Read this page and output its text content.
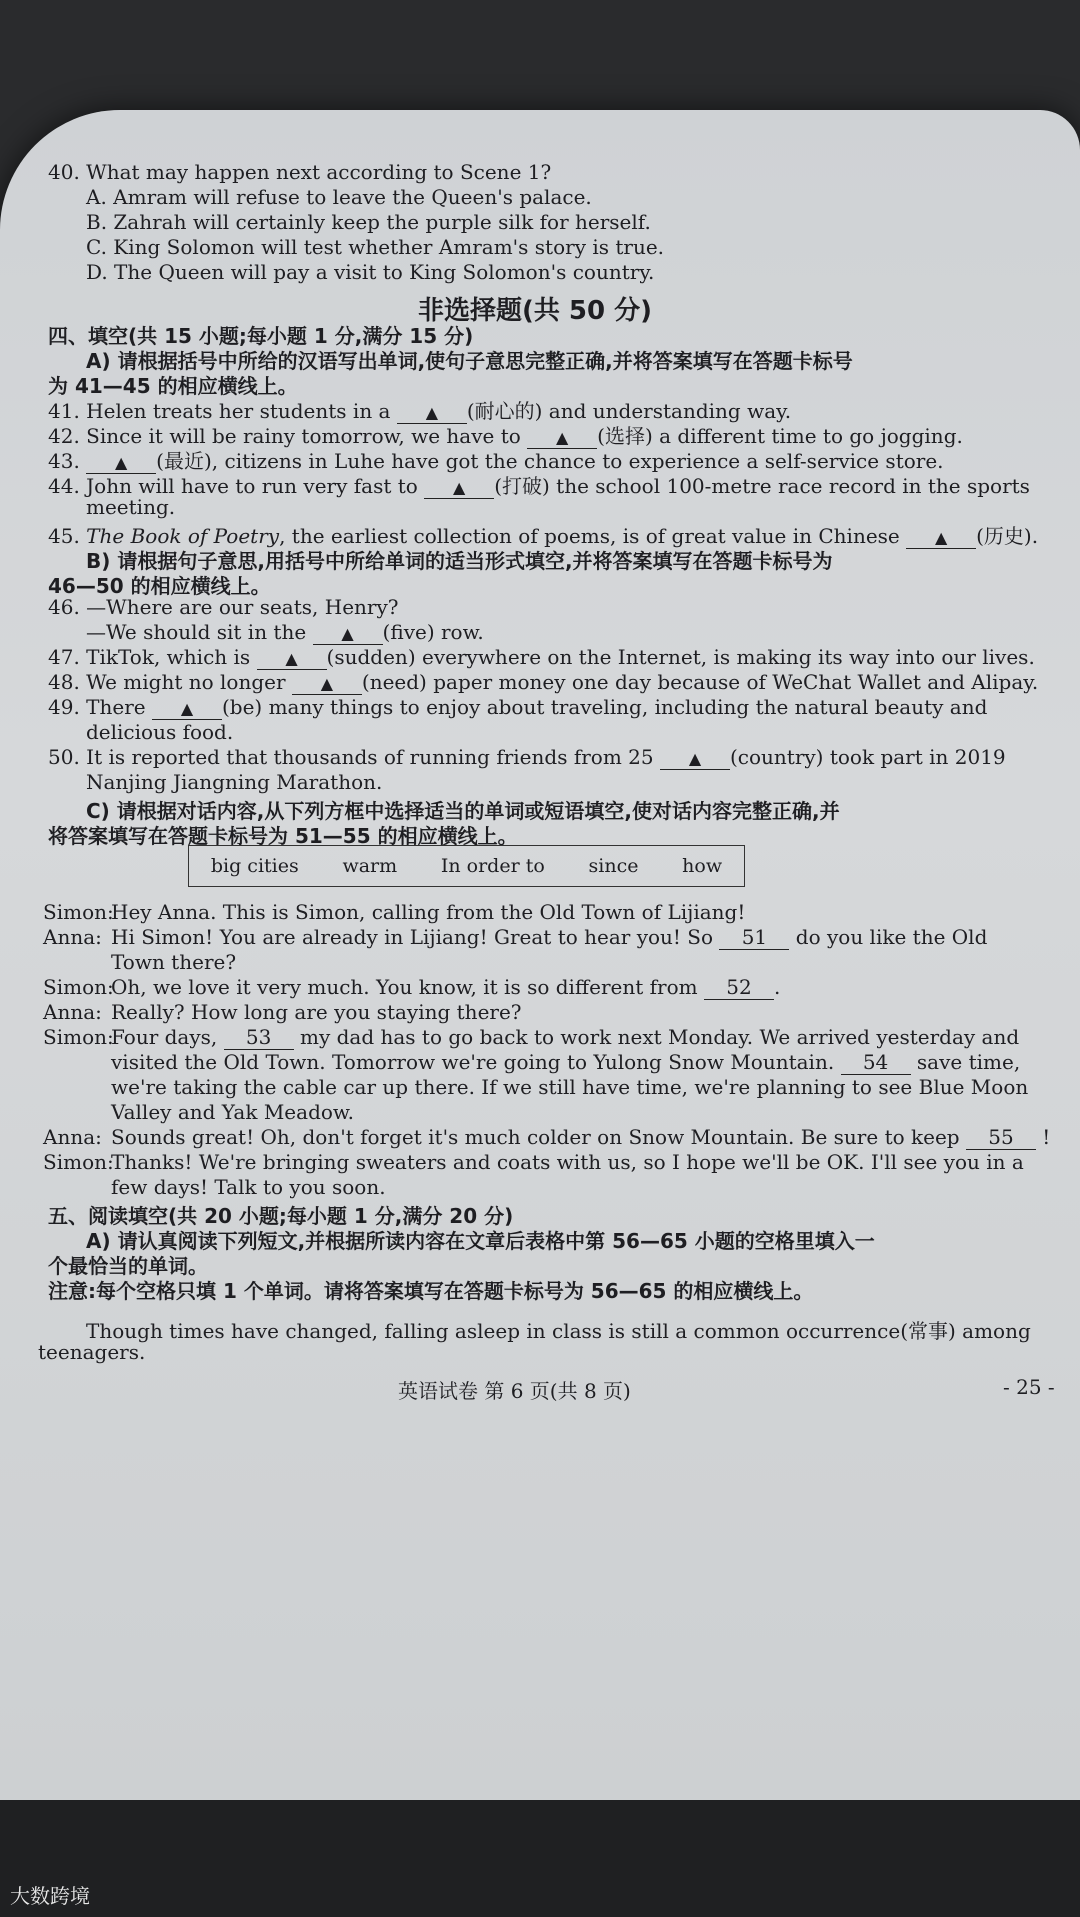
40. What may happen next according to Scene 1?
A. Amram will refuse to leave the Queen's palace.
B. Zahrah will certainly keep the purple silk for herself.
C. King Solomon will test whether Amram's story is true.
D. The Queen will pay a visit to King Solomon's country.
非选择题(共 50 分)
四、填空(共 15 小题;每小题 1 分,满分 15 分)
A) 请根据括号中所给的汉语写出单词,使句子意思完整正确,并将答案填写在答题卡标号
为 41—45 的相应横线上。
41. Helen treats her students in a ▲ (耐心的) and understanding way.
42. Since it will be rainy tomorrow, we have to ▲ (选择) a different time to go jogging.
43. ▲ (最近), citizens in Luhe have got the chance to experience a self-service store.
44. John will have to run very fast to ▲ (打破) the school 100-metre race record in the sports
meeting.
45. The Book of Poetry, the earliest collection of poems, is of great value in Chinese ▲ (历史).
B) 请根据句子意思,用括号中所给单词的适当形式填空,并将答案填写在答题卡标号为
46—50 的相应横线上。
46. —Where are our seats, Henry?
—We should sit in the ▲ (five) row.
47. TikTok, which is ▲ (sudden) everywhere on the Internet, is making its way into our lives.
48. We might no longer ▲ (need) paper money one day because of WeChat Wallet and Alipay.
49. There ▲ (be) many things to enjoy about traveling, including the natural beauty and
delicious food.
50. It is reported that thousands of running friends from 25 ▲ (country) took part in 2019
Nanjing Jiangning Marathon.
C) 请根据对话内容,从下列方框中选择适当的单词或短语填空,使对话内容完整正确,并
将答案填写在答题卡标号为 51—55 的相应横线上。
big cities warm In order to since how
Simon:Hey Anna. This is Simon, calling from the Old Town of Lijiang!
Anna: Hi Simon! You are already in Lijiang! Great to hear you! So 51 do you like the Old
Town there?
Simon:Oh, we love it very much. You know, it is so different from 52 .
Anna: Really? How long are you staying there?
Simon:Four days, 53 my dad has to go back to work next Monday. We arrived yesterday and
visited the Old Town. Tomorrow we're going to Yulong Snow Mountain. 54 save time,
we're taking the cable car up there. If we still have time, we're planning to see Blue Moon
Valley and Yak Meadow.
Anna: Sounds great! Oh, don't forget it's much colder on Snow Mountain. Be sure to keep 55 !
Simon:Thanks! We're bringing sweaters and coats with us, so I hope we'll be OK. I'll see you in a
few days! Talk to you soon.
五、阅读填空(共 20 小题;每小题 1 分,满分 20 分)
A) 请认真阅读下列短文,并根据所读内容在文章后表格中第 56—65 小题的空格里填入一
个最恰当的单词。
注意:每个空格只填 1 个单词。请将答案填写在答题卡标号为 56—65 的相应横线上。
Though times have changed, falling asleep in class is still a common occurrence(常事) among
teenagers.
英语试卷 第 6 页(共 8 页)	- 25 -
大数跨境
